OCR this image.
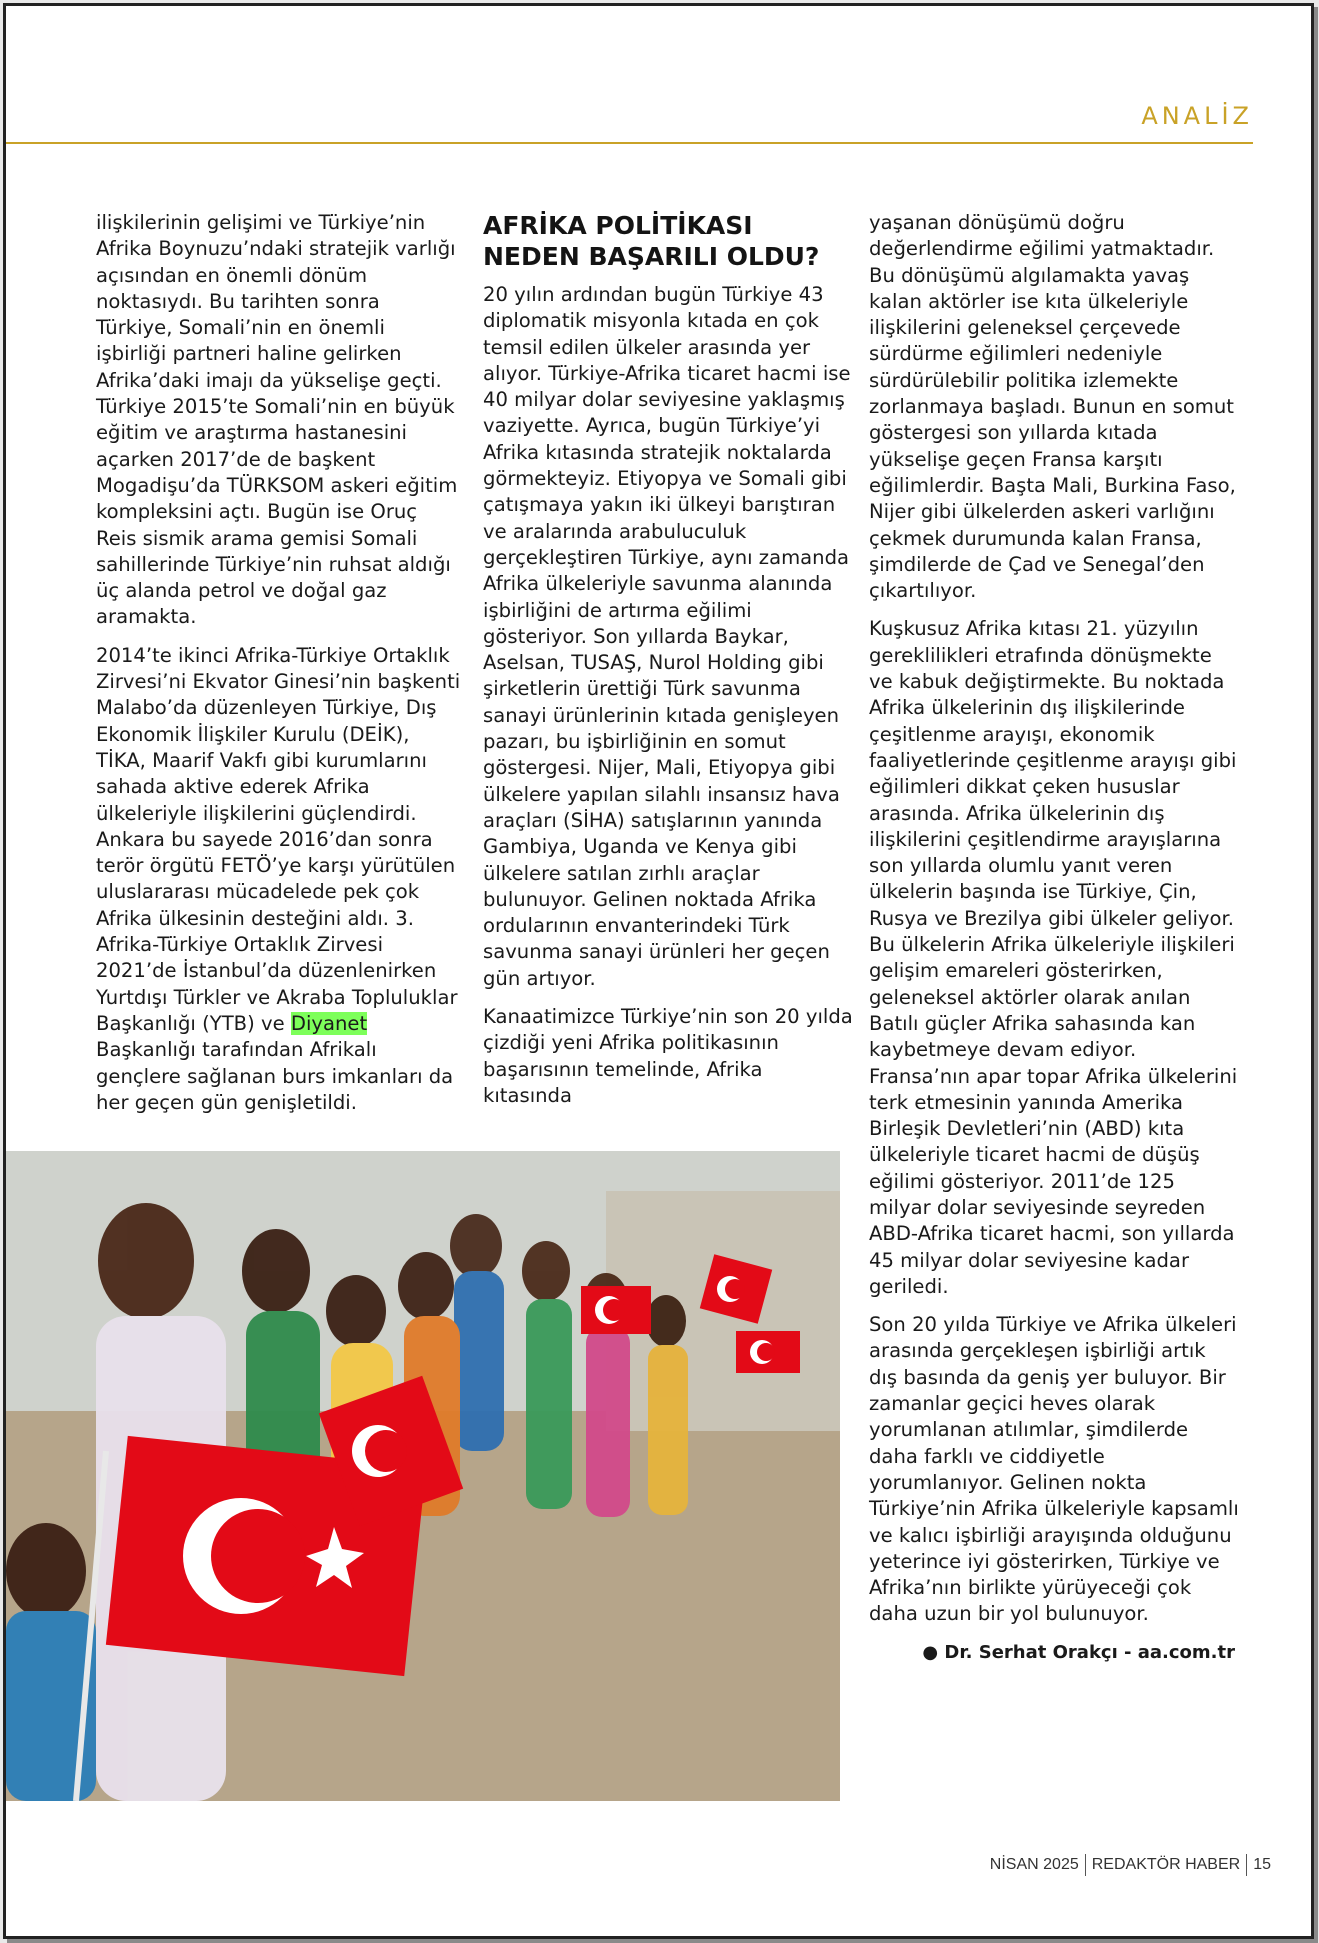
ANALİZ

ilişkilerinin gelişimi ve Türkiye’nin Afrika Boynuzu’ndaki stratejik varlığı açısından en önemli dönüm noktasıydı. Bu tarihten sonra Türkiye, Somali’nin en önemli işbirliği partneri haline gelirken Afrika’daki imajı da yükselişe geçti. Türkiye 2015’te Somali’nin en büyük eğitim ve araştırma hastanesini açarken 2017’de de başkent Mogadişu’da TÜRKSOM askeri eğitim kompleksini açtı. Bugün ise Oruç Reis sismik arama gemisi Somali sahillerinde Türkiye’nin ruhsat aldığı üç alanda petrol ve doğal gaz aramakta.

2014’te ikinci Afrika-Türkiye Ortaklık Zirvesi’ni Ekvator Ginesi’nin başkenti Malabo’da düzenleyen Türkiye, Dış Ekonomik İlişkiler Kurulu (DEİK), TİKA, Maarif Vakfı gibi kurumlarını sahada aktive ederek Afrika ülkeleriyle ilişkilerini güçlendirdi. Ankara bu sayede 2016’dan sonra terör örgütü FETÖ’ye karşı yürütülen uluslararası mücadelede pek çok Afrika ülkesinin desteğini aldı. 3. Afrika-Türkiye Ortaklık Zirvesi 2021’de İstanbul’da düzenlenirken Yurtdışı Türkler ve Akraba Topluluklar Başkanlığı (YTB) ve Diyanet Başkanlığı tarafından Afrikalı gençlere sağlanan burs imkanları da her geçen gün genişletildi.

AFRİKA POLİTİKASI
NEDEN BAŞARILI OLDU?

20 yılın ardından bugün Türkiye 43 diplomatik misyonla kıtada en çok temsil edilen ülkeler arasında yer alıyor. Türkiye-Afrika ticaret hacmi ise 40 milyar dolar seviyesine yaklaşmış vaziyette. Ayrıca, bugün Türkiye’yi Afrika kıtasında stratejik noktalarda görmekteyiz. Etiyopya ve Somali gibi çatışmaya yakın iki ülkeyi barıştıran ve aralarında arabuluculuk gerçekleştiren Türkiye, aynı zamanda Afrika ülkeleriyle savunma alanında işbirliğini de artırma eğilimi gösteriyor. Son yıllarda Baykar, Aselsan, TUSAŞ, Nurol Holding gibi şirketlerin ürettiği Türk savunma sanayi ürünlerinin kıtada genişleyen pazarı, bu işbirliğinin en somut göstergesi. Nijer, Mali, Etiyopya gibi ülkelere yapılan silahlı insansız hava araçları (SİHA) satışlarının yanında Gambiya, Uganda ve Kenya gibi ülkelere satılan zırhlı araçlar bulunuyor. Gelinen noktada Afrika ordularının envanterindeki Türk savunma sanayi ürünleri her geçen gün artıyor.

Kanaatimizce Türkiye’nin son 20 yılda çizdiği yeni Afrika politikasının başarısının temelinde, Afrika kıtasında

yaşanan dönüşümü doğru değerlendirme eğilimi yatmaktadır. Bu dönüşümü algılamakta yavaş kalan aktörler ise kıta ülkeleriyle ilişkilerini geleneksel çerçevede sürdürme eğilimleri nedeniyle sürdürülebilir politika izlemekte zorlanmaya başladı. Bunun en somut göstergesi son yıllarda kıtada yükselişe geçen Fransa karşıtı eğilimlerdir. Başta Mali, Burkina Faso, Nijer gibi ülkelerden askeri varlığını çekmek durumunda kalan Fransa, şimdilerde de Çad ve Senegal’den çıkartılıyor.

Kuşkusuz Afrika kıtası 21. yüzyılın gereklilikleri etrafında dönüşmekte ve kabuk değiştirmekte. Bu noktada Afrika ülkelerinin dış ilişkilerinde çeşitlenme arayışı, ekonomik faaliyetlerinde çeşitlenme arayışı gibi eğilimleri dikkat çeken hususlar arasında. Afrika ülkelerinin dış ilişkilerini çeşitlendirme arayışlarına son yıllarda olumlu yanıt veren ülkelerin başında ise Türkiye, Çin, Rusya ve Brezilya gibi ülkeler geliyor. Bu ülkelerin Afrika ülkeleriyle ilişkileri gelişim emareleri gösterirken, geleneksel aktörler olarak anılan Batılı güçler Afrika sahasında kan kaybetmeye devam ediyor. Fransa’nın apar topar Afrika ülkelerini terk etmesinin yanında Amerika Birleşik Devletleri’nin (ABD) kıta ülkeleriyle ticaret hacmi de düşüş eğilimi gösteriyor. 2011’de 125 milyar dolar seviyesinde seyreden ABD-Afrika ticaret hacmi, son yıllarda 45 milyar dolar seviyesine kadar geriledi.

Son 20 yılda Türkiye ve Afrika ülkeleri arasında gerçekleşen işbirliği artık dış basında da geniş yer buluyor. Bir zamanlar geçici heves olarak yorumlanan atılımlar, şimdilerde daha farklı ve ciddiyetle yorumlanıyor. Gelinen nokta Türkiye’nin Afrika ülkeleriyle kapsamlı ve kalıcı işbirliği arayışında olduğunu yeterince iyi gösterirken, Türkiye ve Afrika’nın birlikte yürüyeceği çok daha uzun bir yol bulunuyor.

● Dr. Serhat Orakçı - aa.com.tr
NİSAN 2025 REDAKTÖR HABER 15
